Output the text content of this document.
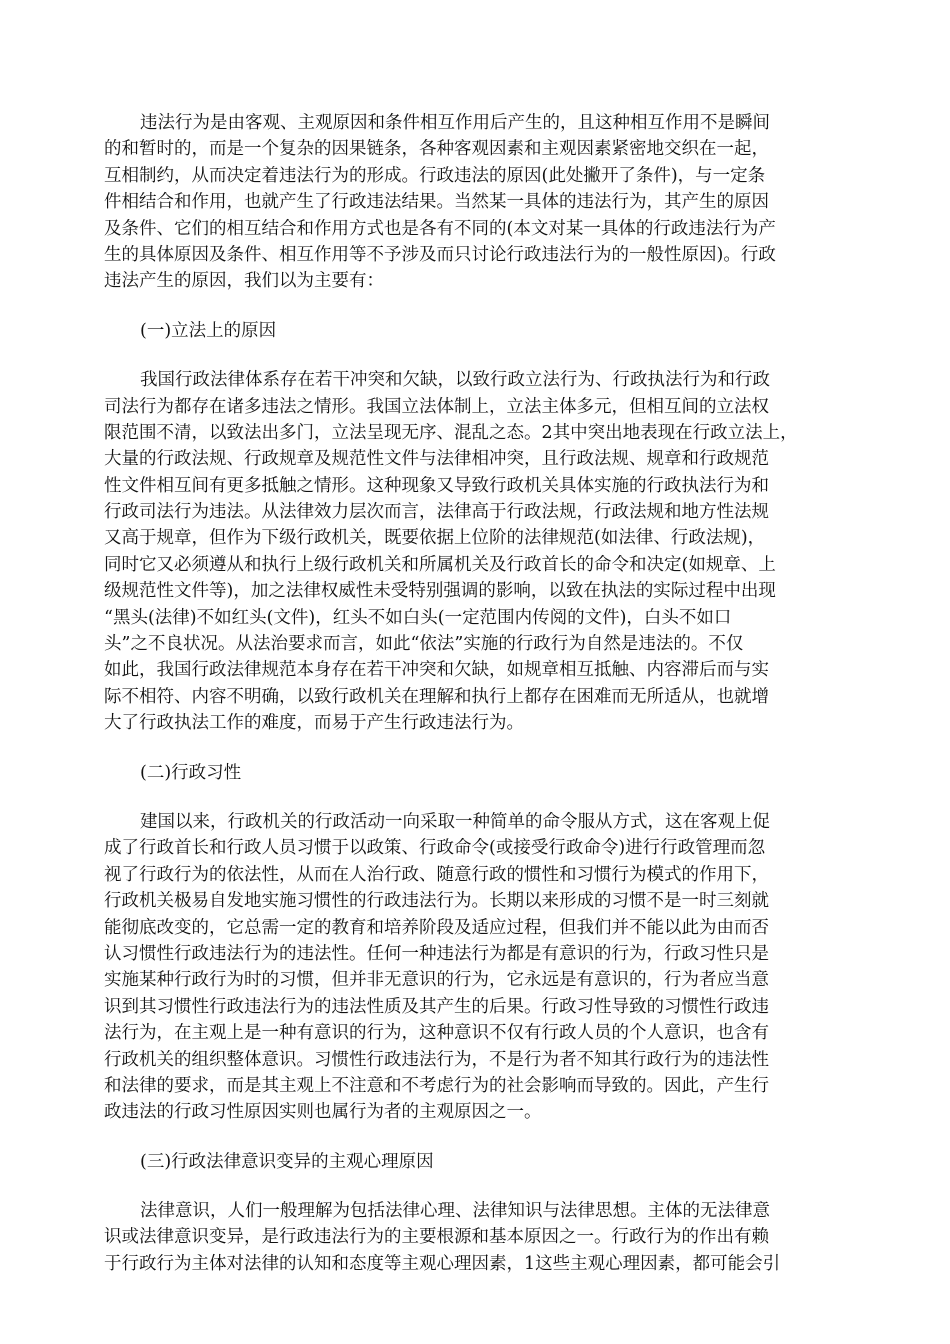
违法行为是由客观、主观原因和条件相互作用后产生的，且这种相互作用不是瞬间
的和暂时的，而是一个复杂的因果链条，各种客观因素和主观因素紧密地交织在一起，
互相制约，从而决定着违法行为的形成。行政违法的原因(此处撇开了条件)，与一定条
件相结合和作用，也就产生了行政违法结果。当然某一具体的违法行为，其产生的原因
及条件、它们的相互结合和作用方式也是各有不同的(本文对某一具体的行政违法行为产
生的具体原因及条件、相互作用等不予涉及而只讨论行政违法行为的一般性原因)。行政
违法产生的原因，我们以为主要有：
(一)立法上的原因
我国行政法律体系存在若干冲突和欠缺，以致行政立法行为、行政执法行为和行政
司法行为都存在诸多违法之情形。我国立法体制上，立法主体多元，但相互间的立法权
限范围不清，以致法出多门，立法呈现无序、混乱之态。2其中突出地表现在行政立法上，
大量的行政法规、行政规章及规范性文件与法律相冲突，且行政法规、规章和行政规范
性文件相互间有更多抵触之情形。这种现象又导致行政机关具体实施的行政执法行为和
行政司法行为违法。从法律效力层次而言，法律高于行政法规，行政法规和地方性法规
又高于规章，但作为下级行政机关，既要依据上位阶的法律规范(如法律、行政法规)，
同时它又必须遵从和执行上级行政机关和所属机关及行政首长的命令和决定(如规章、上
级规范性文件等)，加之法律权威性未受特别强调的影响，以致在执法的实际过程中出现
“黑头(法律)不如红头(文件)，红头不如白头(一定范围内传阅的文件)，白头不如口
头”之不良状况。从法治要求而言，如此“依法”实施的行政行为自然是违法的。不仅
如此，我国行政法律规范本身存在若干冲突和欠缺，如规章相互抵触、内容滞后而与实
际不相符、内容不明确，以致行政机关在理解和执行上都存在困难而无所适从，也就增
大了行政执法工作的难度，而易于产生行政违法行为。
(二)行政习性
建国以来，行政机关的行政活动一向采取一种简单的命令服从方式，这在客观上促
成了行政首长和行政人员习惯于以政策、行政命令(或接受行政命令)进行行政管理而忽
视了行政行为的依法性，从而在人治行政、随意行政的惯性和习惯行为模式的作用下，
行政机关极易自发地实施习惯性的行政违法行为。长期以来形成的习惯不是一时三刻就
能彻底改变的，它总需一定的教育和培养阶段及适应过程，但我们并不能以此为由而否
认习惯性行政违法行为的违法性。任何一种违法行为都是有意识的行为，行政习性只是
实施某种行政行为时的习惯，但并非无意识的行为，它永远是有意识的，行为者应当意
识到其习惯性行政违法行为的违法性质及其产生的后果。行政习性导致的习惯性行政违
法行为，在主观上是一种有意识的行为，这种意识不仅有行政人员的个人意识，也含有
行政机关的组织整体意识。习惯性行政违法行为，不是行为者不知其行政行为的违法性
和法律的要求，而是其主观上不注意和不考虑行为的社会影响而导致的。因此，产生行
政违法的行政习性原因实则也属行为者的主观原因之一。
(三)行政法律意识变异的主观心理原因
法律意识，人们一般理解为包括法律心理、法律知识与法律思想。主体的无法律意
识或法律意识变异，是行政违法行为的主要根源和基本原因之一。行政行为的作出有赖
于行政行为主体对法律的认知和态度等主观心理因素，1这些主观心理因素，都可能会引
